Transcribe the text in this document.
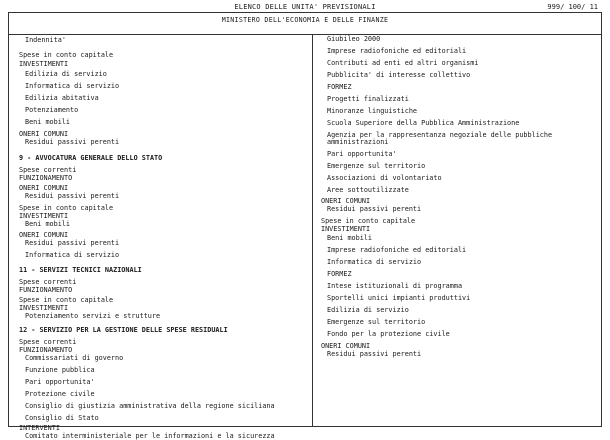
ELENCO DELLE UNITA' PREVISIONALI	999/ 100/ 11
MINISTERO DELL'ECONOMIA E DELLE FINANZE
Indennita'
Spese in conto capitale
INVESTIMENTI
Edilizia di servizio
Informatica di servizio
Edilizia abitativa
Potenziamento
Beni mobili
ONERI COMUNI
Residui passivi perenti
9 - AVVOCATURA GENERALE DELLO STATO
Spese correnti
FUNZIONAMENTO
ONERI COMUNI
Residui passivi perenti
Spese in conto capitale
INVESTIMENTI
Beni mobili
ONERI COMUNI
Residui passivi perenti
Informatica di servizio
11 - SERVIZI TECNICI NAZIONALI
Spese correnti
FUNZIONAMENTO
Spese in conto capitale
INVESTIMENTI
Potenziamento servizi e strutture
12 - SERVIZIO PER LA GESTIONE DELLE SPESE RESIDUALI
Spese correnti
FUNZIONAMENTO
Commissariati di governo
Funzione pubblica
Pari opportunita'
Protezione civile
Consiglio di giustizia amministrativa della regione siciliana
Consiglio di Stato
INTERVENTI
Comitato interministeriale per le informazioni e la sicurezza
Giubileo 2000
Imprese radiofoniche ed editoriali
Contributi ad enti ed altri organismi
Pubblicita' di interesse collettivo
FORMEZ
Progetti finalizzati
Minoranze linguistiche
Scuola Superiore della Pubblica Amministrazione
Agenzia per la rappresentanza negoziale delle pubbliche
amministrazioni
Pari opportunita'
Emergenze sul territorio
Associazioni di volontariato
Aree sottoutilizzate
ONERI COMUNI
Residui passivi perenti
Spese in conto capitale
INVESTIMENTI
Beni mobili
Imprese radiofoniche ed editoriali
Informatica di servizio
FORMEZ
Intese istituzionali di programma
Sportelli unici impianti produttivi
Edilizia di servizio
Emergenze sul territorio
Fondo per la protezione civile
ONERI COMUNI
Residui passivi perenti
